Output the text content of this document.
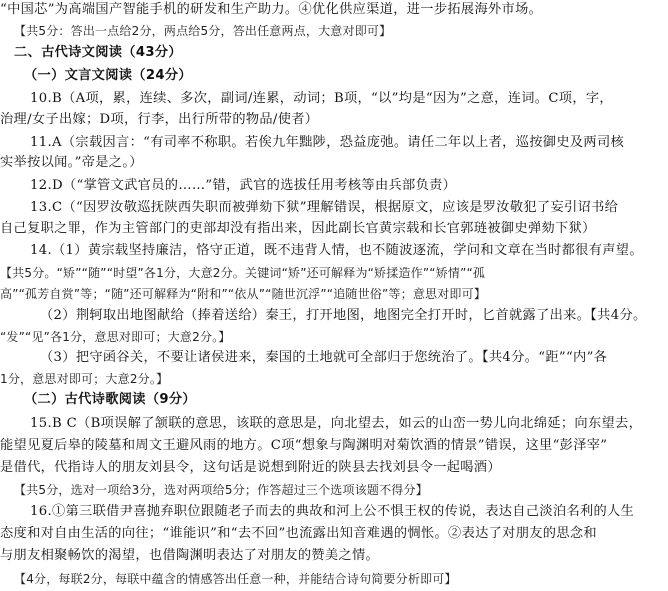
“中国芯”为高端国产智能手机的研发和生产助力。④优化供应渠道，进一步拓展海外市场。
【共5分：答出一点给2分，两点给5分，答出任意两点，大意对即可】
二、古代诗文阅读（43分）
（一）文言文阅读（24分）
10.B（A项，累，连续、多次，副词/连累，动词；B项，“以”均是“因为”之意，连词。C项，字，
治理/女子出嫁；D项，行李，出行所带的物品/使者）
11.A（宗载因言：“有司率不称职。若俟九年黜陟，恐益庞弛。请任二年以上者，巡按御史及两司核
实举按以闻。”帝是之。）
12.D（“掌管文武官员的……”错，武官的选拔任用考核等由兵部负责）
13.C（“因罗汝敬巡抚陕西失职而被弹劾下狱”理解错误，根据原文，应该是罗汝敬犯了妄引诏书给
自己复职之罪，作为主管部门的吏部却没有指出来，因此副长官黄宗载和长官郭琏被御史弹劾下狱）
14.（1）黄宗载坚持廉洁，恪守正道，既不违背人情，也不随波逐流，学问和文章在当时都很有声望。
【共5分。“矫”“随”“时望”各1分，大意2分。关键词“矫”还可解释为“矫揉造作”“矫情”“孤
高”“孤芳自赏”等；“随”还可解释为“附和”“依从”“随世沉浮”“追随世俗”等；意思对即可】
（2）荆轲取出地图献给（捧着送给）秦王，打开地图，地图完全打开时，匕首就露了出来。【共4分。
“发”“见”各1分，意思对即可；大意2分。】
（3）把守函谷关，不要让诸侯进来，秦国的土地就可全部归于您统治了。【共4分。“距”“内”各
1分，意思对即可；大意2分。】
（二）古代诗歌阅读（9分）
15.B C（B项误解了颔联的意思，该联的意思是，向北望去，如云的山峦一势儿向北绵延；向东望去，
能望见夏后皋的陵墓和周文王避风雨的地方。C项“想象与陶渊明对菊饮酒的情景”错误，这里“彭泽宰”
是借代，代指诗人的朋友刘县令，这句话是说想到附近的陕县去找刘县令一起喝酒）
【共5分，选对一项给3分，选对两项给5分；作答超过三个选项该题不得分】
16.①第三联借尹喜抛弃职位跟随老子而去的典故和河上公不惧王权的传说，表达自己淡泊名利的人生
态度和对自由生活的向往；“谁能识”和“去不回”也流露出知音难遇的惆怅。②表达了对朋友的思念和
与朋友相聚畅饮的渴望，也借陶渊明表达了对朋友的赞美之情。
【4分，每联2分，每联中蕴含的情感答出任意一种，并能结合诗句简要分析即可】
